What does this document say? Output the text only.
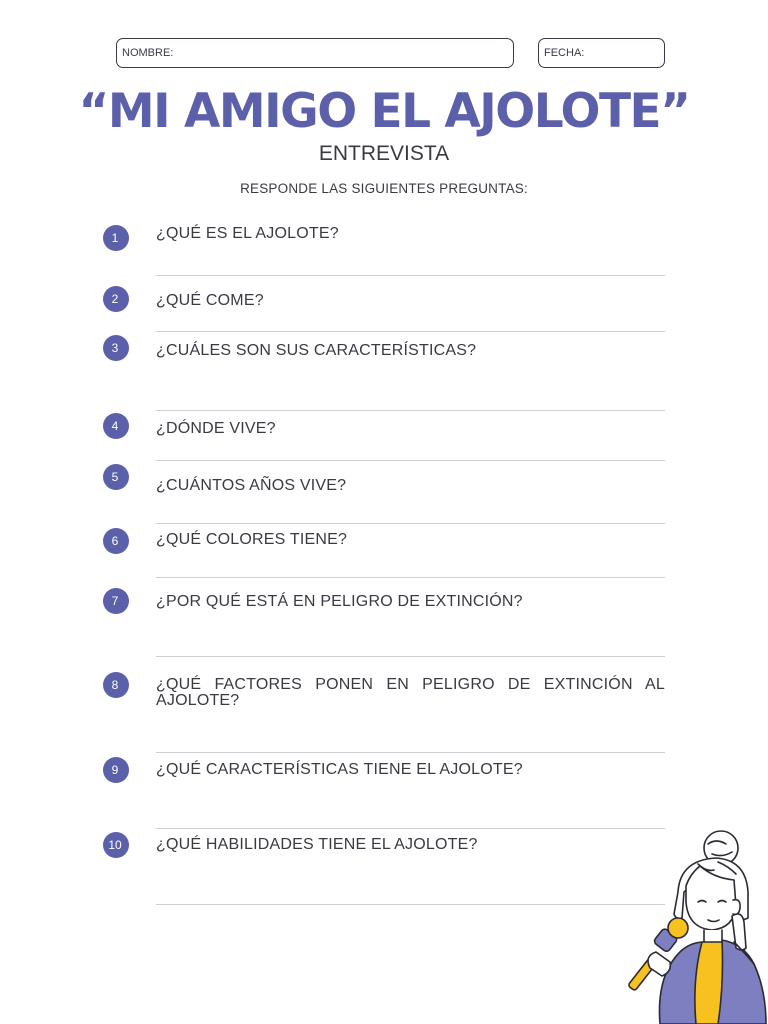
NOMBRE:	FECHA:
“MI AMIGO EL AJOLOTE”
ENTREVISTA
RESPONDE LAS SIGUIENTES PREGUNTAS:
1	¿QUÉ ES EL AJOLOTE?
2	¿QUÉ COME?
3	¿CUÁLES SON SUS CARACTERÍSTICAS?
4	¿DÓNDE VIVE?
5	¿CUÁNTOS AÑOS VIVE?
6	¿QUÉ COLORES TIENE?
7	¿POR QUÉ ESTÁ EN PELIGRO DE EXTINCIÓN?
8	¿QUÉ FACTORES PONEN EN PELIGRO DE EXTINCIÓN AL AJOLOTE?
9	¿QUÉ CARACTERÍSTICAS TIENE EL AJOLOTE?
10	¿QUÉ HABILIDADES TIENE EL AJOLOTE?
